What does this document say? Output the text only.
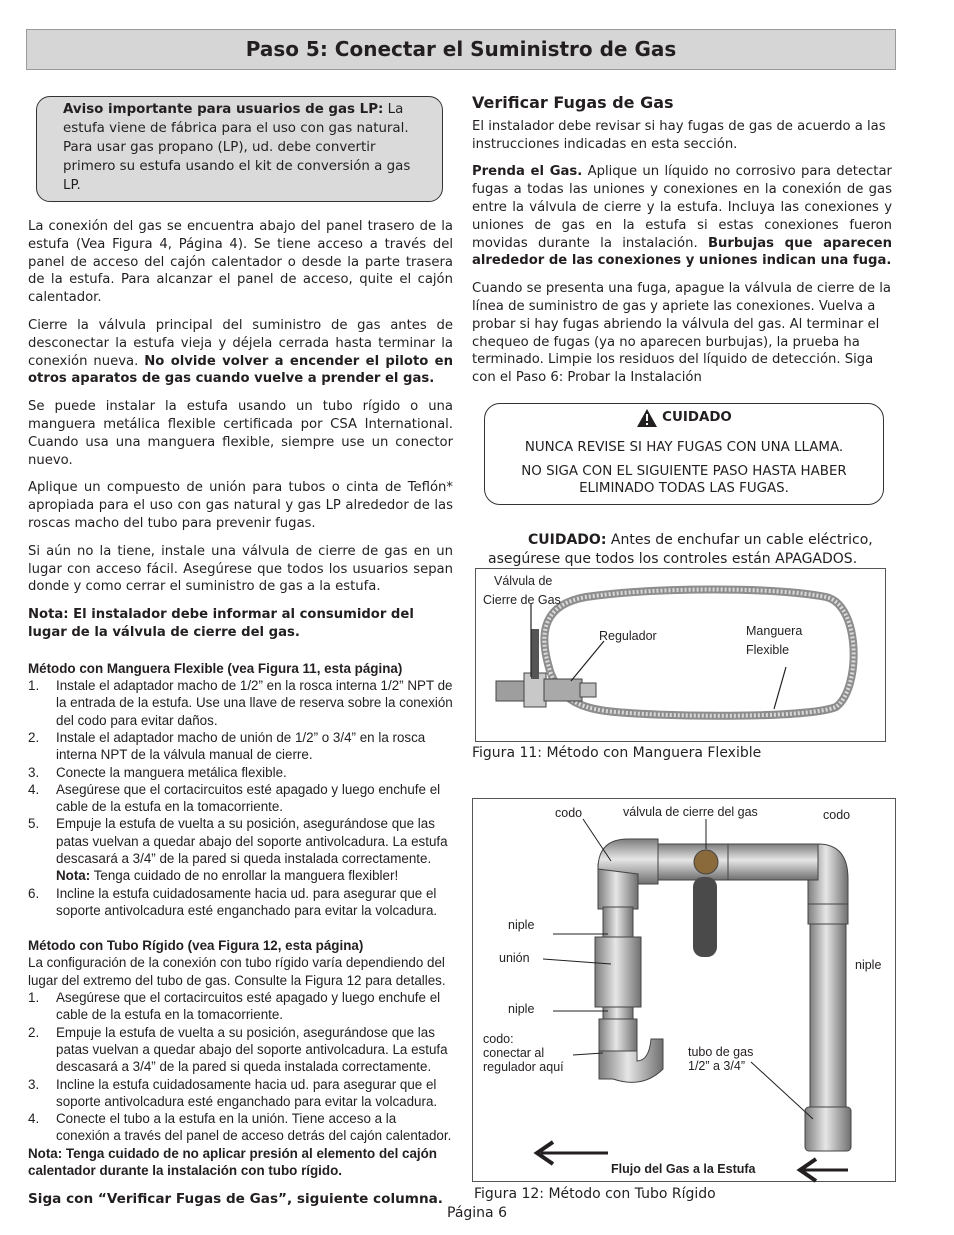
Paso 5: Conectar el Suministro de Gas
Aviso importante para usuarios de gas LP: La estufa viene de fábrica para el uso con gas natural. Para usar gas propano (LP), ud. debe convertir primero su estufa usando el kit de conversión a gas LP.

La conexión del gas se encuentra abajo del panel trasero de la estufa (Vea Figura 4, Página 4). Se tiene acceso a través del panel de acceso del cajón calentador o desde la parte trasera de la estufa. Para alcanzar el panel de acceso, quite el cajón calentador.

Cierre la válvula principal del suministro de gas antes de desconectar la estufa vieja y déjela cerrada hasta terminar la conexión nueva. No olvide volver a encender el piloto en otros aparatos de gas cuando vuelve a prender el gas.

Se puede instalar la estufa usando un tubo rígido o una manguera metálica flexible certificada por CSA International. Cuando usa una manguera flexible, siempre use un conector nuevo.

Aplique un compuesto de unión para tubos o cinta de Teflón* apropiada para el uso con gas natural y gas LP alrededor de las roscas macho del tubo para prevenir fugas.

Si aún no la tiene, instale una válvula de cierre de gas en un lugar con acceso fácil. Asegúrese que todos los usuarios sepan donde y como cerrar el suministro de gas a la estufa.

Nota: El instalador debe informar al consumidor del lugar de la válvula de cierre del gas.

Método con Manguera Flexible (vea Figura 11, esta página)
1. Instale el adaptador macho de 1/2” en la rosca interna 1/2” NPT de la entrada de la estufa. Use una llave de reserva sobre la conexión del codo para evitar daños.
2. Instale el adaptador macho de unión de 1/2” o 3/4” en la rosca interna NPT de la válvula manual de cierre.
3. Conecte la manguera metálica flexible.
4. Asegúrese que el cortacircuitos esté apagado y luego enchufe el cable de la estufa en la tomacorriente.
5. Empuje la estufa de vuelta a su posición, asegurándose que las patas vuelvan a quedar abajo del soporte antivolcadura. La estufa descasará a 3/4” de la pared si queda instalada correctamente. Nota: Tenga cuidado de no enrollar la manguera flexibler!
6. Incline la estufa cuidadosamente hacia ud. para asegurar que el soporte antivolcadura esté enganchado para evitar la volcadura.
Método con Tubo Rígido (vea Figura 12, esta página)
La configuración de la conexión con tubo rígido varía dependiendo del lugar del extremo del tubo de gas. Consulte la Figura 12 para detalles.
1. Asegúrese que el cortacircuitos esté apagado y luego enchufe el cable de la estufa en la tomacorriente.
2. Empuje la estufa de vuelta a su posición, asegurándose que las patas vuelvan a quedar abajo del soporte antivolcadura. La estufa descasará a 3/4” de la pared si queda instalada correctamente.
3. Incline la estufa cuidadosamente hacia ud. para asegurar que el soporte antivolcadura esté enganchado para evitar la volcadura.
4. Conecte el tubo a la estufa en la unión. Tiene acceso a la conexión a través del panel de acceso detrás del cajón calentador.
Nota: Tenga cuidado de no aplicar presión al elemento del cajón calentador durante la instalación con tubo rígido.
Siga con “Verificar Fugas de Gas”, siguiente columna.
Verificar Fugas de Gas

El instalador debe revisar si hay fugas de gas de acuerdo a las instrucciones indicadas en esta sección.

Prenda el Gas. Aplique un líquido no corrosivo para detectar fugas a todas las uniones y conexiones en la conexión de gas entre la válvula de cierre y la estufa. Incluya las conexiones y uniones de gas en la estufa si estas conexiones fueron movidas durante la instalación. Burbujas que aparecen alrededor de las conexiones y uniones indican una fuga.

Cuando se presenta una fuga, apague la válvula de cierre de la línea de suministro de gas y apriete las conexiones. Vuelva a probar si hay fugas abriendo la válvula del gas. Al terminar el chequeo de fugas (ya no aparecen burbujas), la prueba ha terminado. Limpie los residuos del líquido de detección. Siga con el Paso 6: Probar la Instalación

CUIDADO

NUNCA REVISE SI HAY FUGAS CON UNA LLAMA.

NO SIGA CON EL SIGUIENTE PASO HASTA HABER ELIMINADO TODAS LAS FUGAS.

CUIDADO: Antes de enchufar un cable eléctrico, asegúrese que todos los controles están APAGADOS.
Válvula de
Cierre de Gas
Regulador	Manguera
Flexible
Figura 11: Método con Manguera Flexible
codo	válvula de cierre del gas	codo
niple
unión
niple
niple
codo:
conectar al
regulador aquí
tubo de gas
1/2” a 3/4”
Flujo del Gas a la Estufa
Figura 12: Método con Tubo Rígido
Página 6
